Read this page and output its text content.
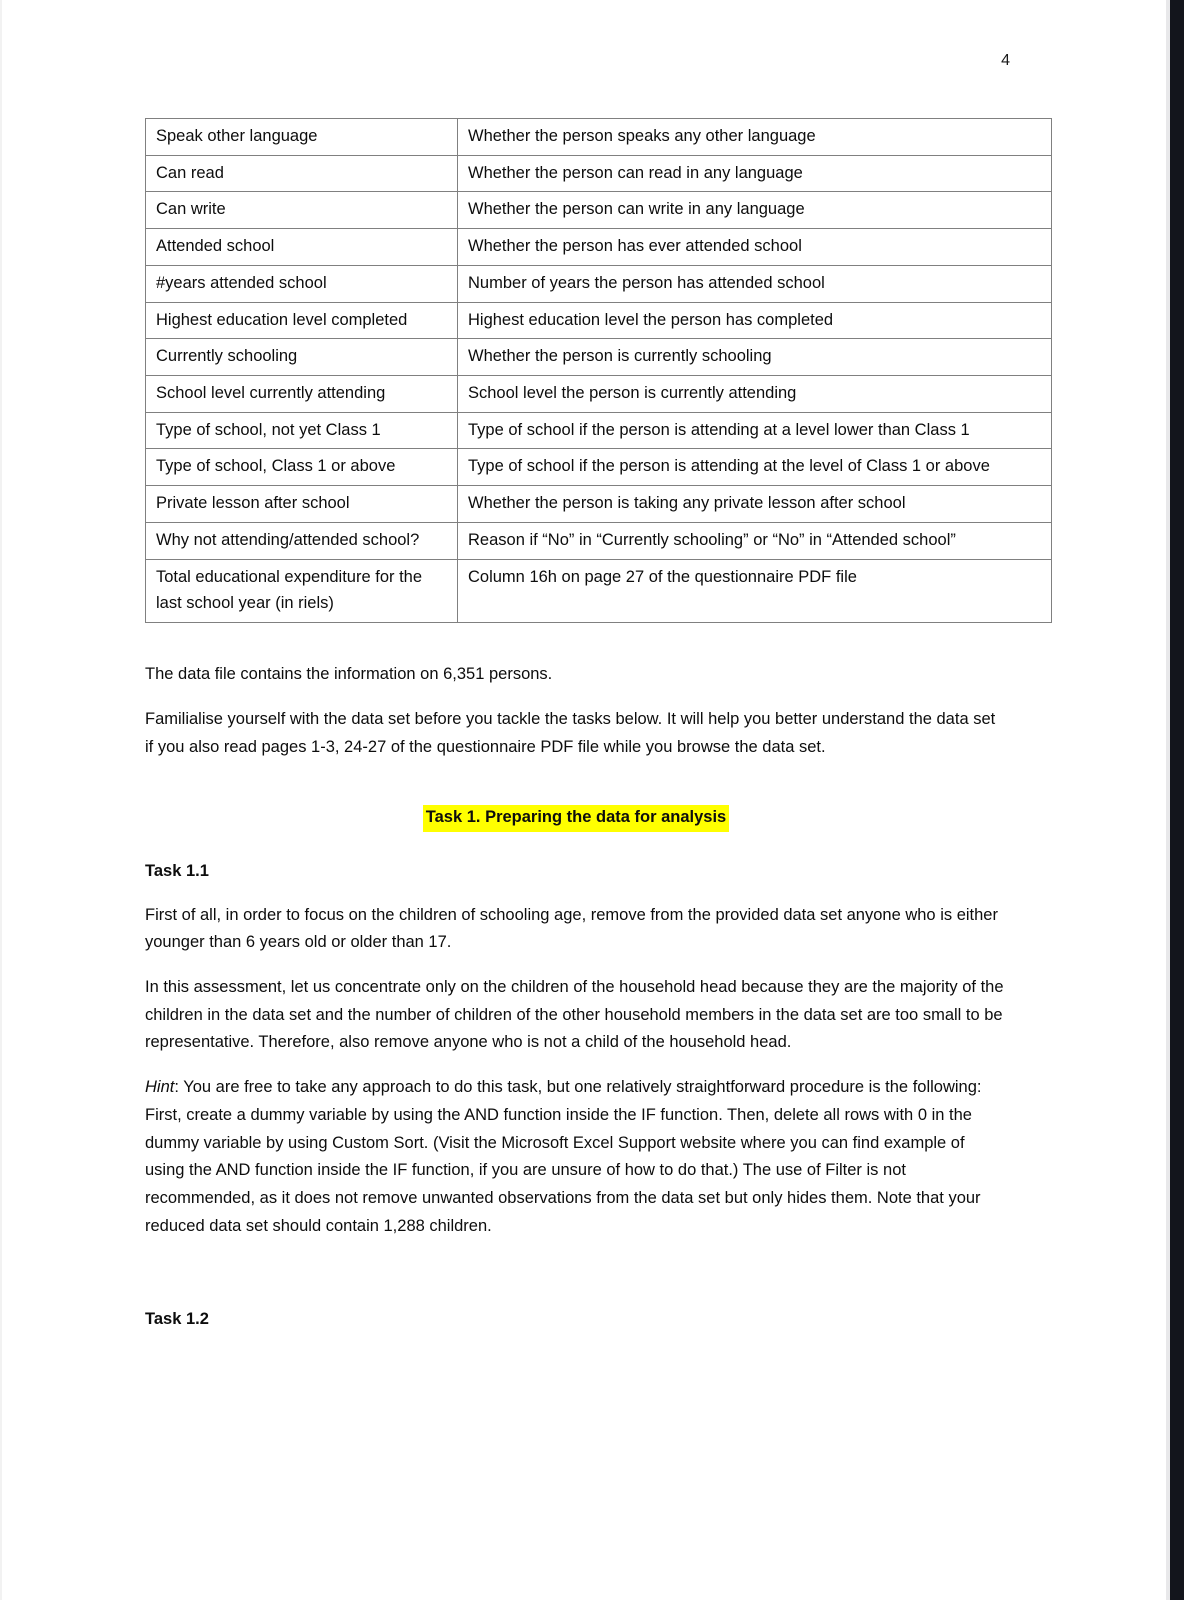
4
Speak other language	Whether the person speaks any other language
Can read	Whether the person can read in any language
Can write	Whether the person can write in any language
Attended school	Whether the person has ever attended school
#years attended school	Number of years the person has attended school
Highest education level completed	Highest education level the person has completed
Currently schooling	Whether the person is currently schooling
School level currently attending	School level the person is currently attending
Type of school, not yet Class 1	Type of school if the person is attending at a level lower than Class 1
Type of school, Class 1 or above	Type of school if the person is attending at the level of Class 1 or above
Private lesson after school	Whether the person is taking any private lesson after school
Why not attending/attended school?	Reason if “No” in “Currently schooling” or “No” in “Attended school”
Total educational expenditure for the last school year (in riels)	Column 16h on page 27 of the questionnaire PDF file

The data file contains the information on 6,351 persons.

Familialise yourself with the data set before you tackle the tasks below. It will help you better understand the data set if you also read pages 1-3, 24-27 of the questionnaire PDF file while you browse the data set.

Task 1. Preparing the data for analysis
Task 1.1

First of all, in order to focus on the children of schooling age, remove from the provided data set anyone who is either younger than 6 years old or older than 17.

In this assessment, let us concentrate only on the children of the household head because they are the majority of the children in the data set and the number of children of the other household members in the data set are too small to be representative. Therefore, also remove anyone who is not a child of the household head.

Hint: You are free to take any approach to do this task, but one relatively straightforward procedure is the following: First, create a dummy variable by using the AND function inside the IF function. Then, delete all rows with 0 in the dummy variable by using Custom Sort. (Visit the Microsoft Excel Support website where you can find example of using the AND function inside the IF function, if you are unsure of how to do that.) The use of Filter is not recommended, as it does not remove unwanted observations from the data set but only hides them. Note that your reduced data set should contain 1,288 children.

Task 1.2
